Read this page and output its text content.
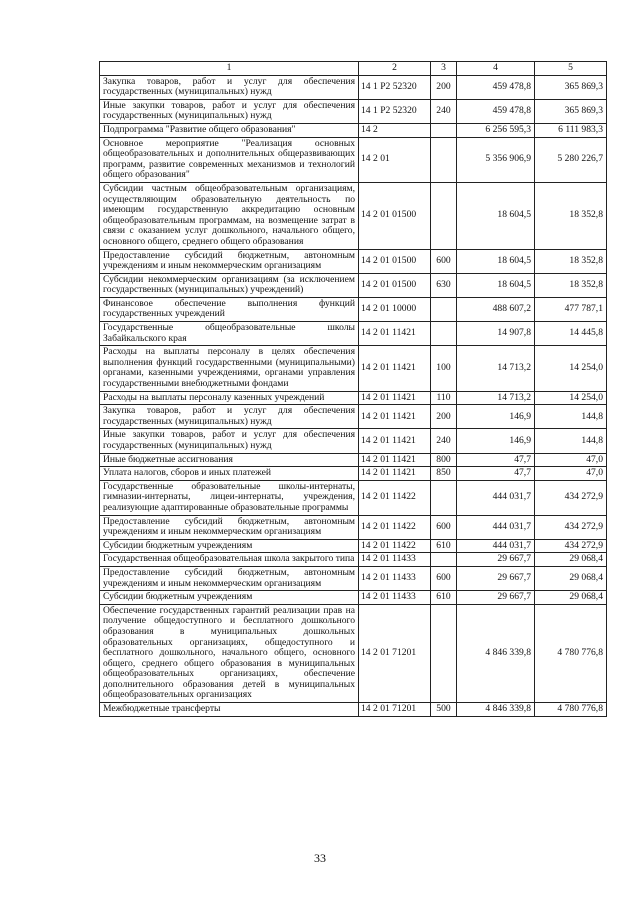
1	2	3	4	5
Закупка товаров, работ и услуг для обеспечения государственных (муниципальных) нужд	14 1 P2 52320	200	459 478,8	365 869,3
Иные закупки товаров, работ и услуг для обеспечения государственных (муниципальных) нужд	14 1 P2 52320	240	459 478,8	365 869,3
Подпрограмма "Развитие общего образования"	14 2		6 256 595,3	6 111 983,3
Основное мероприятие "Реализация основных общеобразовательных и дополнительных общеразвивающих программ, развитие современных механизмов и технологий общего образования"	14 2 01		5 356 906,9	5 280 226,7
Субсидии частным общеобразовательным организациям, осуществляющим образовательную деятельность по имеющим государственную аккредитацию основным общеобразовательным программам, на возмещение затрат в связи с оказанием услуг дошкольного, начального общего, основного общего, среднего общего образования	14 2 01 01500		18 604,5	18 352,8
Предоставление субсидий бюджетным, автономным учреждениям и иным некоммерческим организациям	14 2 01 01500	600	18 604,5	18 352,8
Субсидии некоммерческим организациям (за исключением государственных (муниципальных) учреждений)	14 2 01 01500	630	18 604,5	18 352,8
Финансовое обеспечение выполнения функций государственных учреждений	14 2 01 10000		488 607,2	477 787,1
Государственные общеобразовательные школы Забайкальского края	14 2 01 11421		14 907,8	14 445,8
Расходы на выплаты персоналу в целях обеспечения выполнения функций государственными (муниципальными) органами, казенными учреждениями, органами управления государственными внебюджетными фондами	14 2 01 11421	100	14 713,2	14 254,0
Расходы на выплаты персоналу казенных учреждений	14 2 01 11421	110	14 713,2	14 254,0
Закупка товаров, работ и услуг для обеспечения государственных (муниципальных) нужд	14 2 01 11421	200	146,9	144,8
Иные закупки товаров, работ и услуг для обеспечения государственных (муниципальных) нужд	14 2 01 11421	240	146,9	144,8
Иные бюджетные ассигнования	14 2 01 11421	800	47,7	47,0
Уплата налогов, сборов и иных платежей	14 2 01 11421	850	47,7	47,0
Государственные образовательные школы-интернаты, гимназии-интернаты, лицеи-интернаты, учреждения, реализующие адаптированные образовательные программы	14 2 01 11422		444 031,7	434 272,9
Предоставление субсидий бюджетным, автономным учреждениям и иным некоммерческим организациям	14 2 01 11422	600	444 031,7	434 272,9
Субсидии бюджетным учреждениям	14 2 01 11422	610	444 031,7	434 272,9
Государственная общеобразовательная школа закрытого типа	14 2 01 11433		29 667,7	29 068,4
Предоставление субсидий бюджетным, автономным учреждениям и иным некоммерческим организациям	14 2 01 11433	600	29 667,7	29 068,4
Субсидии бюджетным учреждениям	14 2 01 11433	610	29 667,7	29 068,4
Обеспечение государственных гарантий реализации прав на получение общедоступного и бесплатного дошкольного образования в муниципальных дошкольных образовательных организациях, общедоступного и бесплатного дошкольного, начального общего, основного общего, среднего общего образования в муниципальных общеобразовательных организациях, обеспечение дополнительного образования детей в муниципальных общеобразовательных организациях	14 2 01 71201		4 846 339,8	4 780 776,8
Межбюджетные трансферты	14 2 01 71201	500	4 846 339,8	4 780 776,8
33
